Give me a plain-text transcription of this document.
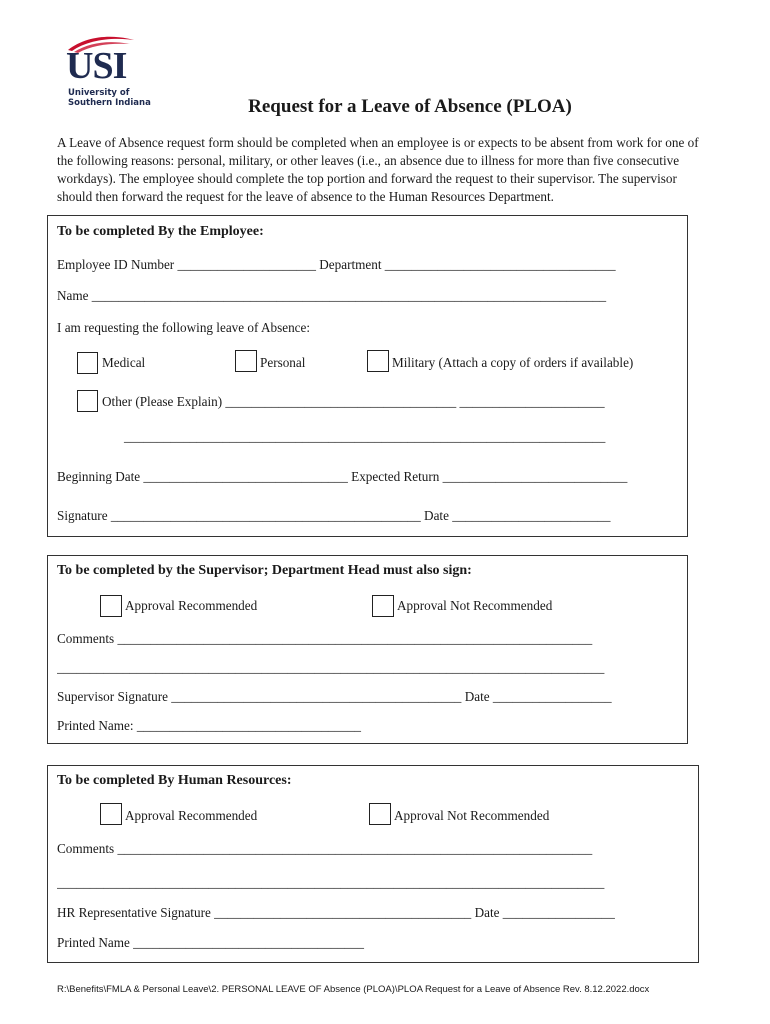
USI
University of
Southern Indiana	Request for a Leave of Absence (PLOA)
A Leave of Absence request form should be completed when an employee is or expects to be absent from work for one of the following reasons: personal, military, or other leaves (i.e., an absence due to illness for more than five consecutive workdays). The employee should complete the top portion and forward the request to their supervisor. The supervisor should then forward the request for the leave of absence to the Human Resources Department.
To be completed By the Employee:
Employee ID Number _____________________ Department ___________________________________
Name ______________________________________________________________________________
I am requesting the following leave of Absence:
Medical	Personal	Military (Attach a copy of orders if available)
Other (Please Explain) ___________________________________ ______________________
_________________________________________________________________________
Beginning Date _______________________________ Expected Return ____________________________
Signature _______________________________________________ Date ________________________
To be completed by the Supervisor; Department Head must also sign:
Approval Recommended	Approval Not Recommended
Comments ________________________________________________________________________
___________________________________________________________________________________
Supervisor Signature ____________________________________________ Date __________________
Printed Name: __________________________________
To be completed By Human Resources:
Approval Recommended	Approval Not Recommended
Comments ________________________________________________________________________
___________________________________________________________________________________
HR Representative Signature _______________________________________ Date _________________
Printed Name ___________________________________
R:\Benefits\FMLA & Personal Leave\2. PERSONAL LEAVE OF Absence (PLOA)\PLOA Request for a Leave of Absence Rev. 8.12.2022.docx
